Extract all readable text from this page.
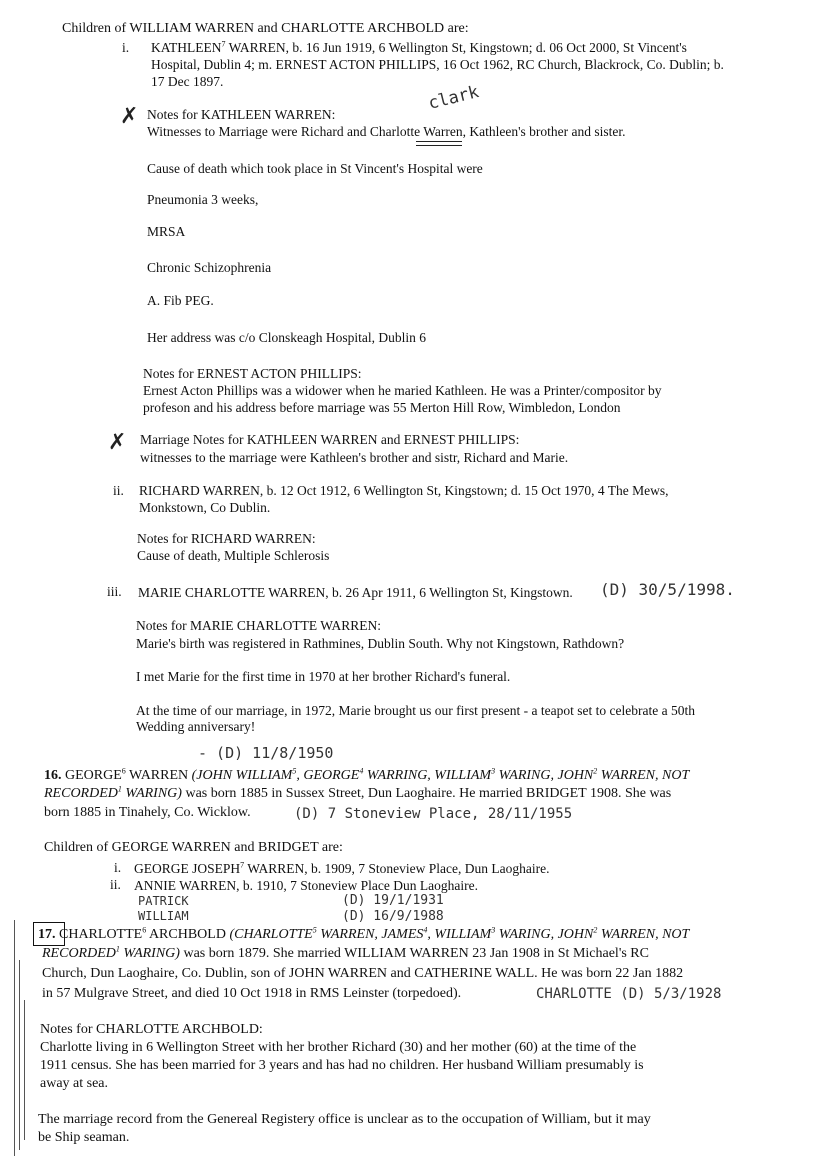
Children of WILLIAM WARREN and CHARLOTTE ARCHBOLD are:
i. KATHLEEN$^7$ WARREN, b. 16 Jun 1919, 6 Wellington St, Kingstown; d. 06 Oct 2000, St Vincent's
Hospital, Dublin 4; m. ERNEST ACTON PHILLIPS, 16 Oct 1962, RC Church, Blackrock, Co. Dublin; b.
17 Dec 1897.
✗
clark
Notes for KATHLEEN WARREN:
Witnesses to Marriage were Richard and Charlotte Warren, Kathleen's brother and sister.
Cause of death which took place in St Vincent's Hospital were
Pneumonia 3 weeks,
MRSA
Chronic Schizophrenia
A. Fib PEG.
Her address was c/o Clonskeagh Hospital, Dublin 6
Notes for ERNEST ACTON PHILLIPS:
Ernest Acton Phillips was a widower when he maried Kathleen. He was a Printer/compositor by
profeson and his address before marriage was 55 Merton Hill Row, Wimbledon, London
✗ Marriage Notes for KATHLEEN WARREN and ERNEST PHILLIPS:
witnesses to the marriage were Kathleen's brother and sistr, Richard and Marie.
ii. RICHARD WARREN, b. 12 Oct 1912, 6 Wellington St, Kingstown; d. 15 Oct 1970, 4 The Mews,
Monkstown, Co Dublin.
Notes for RICHARD WARREN:
Cause of death, Multiple Schlerosis
iii. MARIE CHARLOTTE WARREN, b. 26 Apr 1911, 6 Wellington St, Kingstown. (D) 30/5/1998.
Notes for MARIE CHARLOTTE WARREN:
Marie's birth was registered in Rathmines, Dublin South. Why not Kingstown, Rathdown?
I met Marie for the first time in 1970 at her brother Richard's funeral.
At the time of our marriage, in 1972, Marie brought us our first present - a teapot set to celebrate a 50th
Wedding anniversary!
- (D) 11/8/1950
16. GEORGE$^6$ WARREN (JOHN WILLIAM$^5$, GEORGE$^4$ WARRING, WILLIAM$^3$ WARING, JOHN$^2$ WARREN, NOT
RECORDED$^1$ WARING) was born 1885 in Sussex Street, Dun Laoghaire. He married BRIDGET 1908. She was
born 1885 in Tinahely, Co. Wicklow.	(D) 7 Stoneview Place, 28/11/1955
Children of GEORGE WARREN and BRIDGET are:
i. GEORGE JOSEPH$^7$ WARREN, b. 1909, 7 Stoneview Place, Dun Laoghaire.
ii. ANNIE WARREN, b. 1910, 7 Stoneview Place Dun Laoghaire.
PATRICK
WILLIAM
(D) 19/1/1931
(D) 16/9/1988
17. CHARLOTTE$^6$ ARCHBOLD (CHARLOTTE$^5$ WARREN, JAMES$^4$, WILLIAM$^3$ WARING, JOHN$^2$ WARREN, NOT
RECORDED$^1$ WARING) was born 1879. She married WILLIAM WARREN 23 Jan 1908 in St Michael's RC
Church, Dun Laoghaire, Co. Dublin, son of JOHN WARREN and CATHERINE WALL. He was born 22 Jan 1882
in 57 Mulgrave Street, and died 10 Oct 1918 in RMS Leinster (torpedoed).	CHARLOTTE (D) 5/3/1928
Notes for CHARLOTTE ARCHBOLD:
Charlotte living in 6 Wellington Street with her brother Richard (30) and her mother (60) at the time of the
1911 census. She has been married for 3 years and has had no children. Her husband William presumably is
away at sea.
The marriage record from the Genereal Registery office is unclear as to the occupation of William, but it may
be Ship seaman.
